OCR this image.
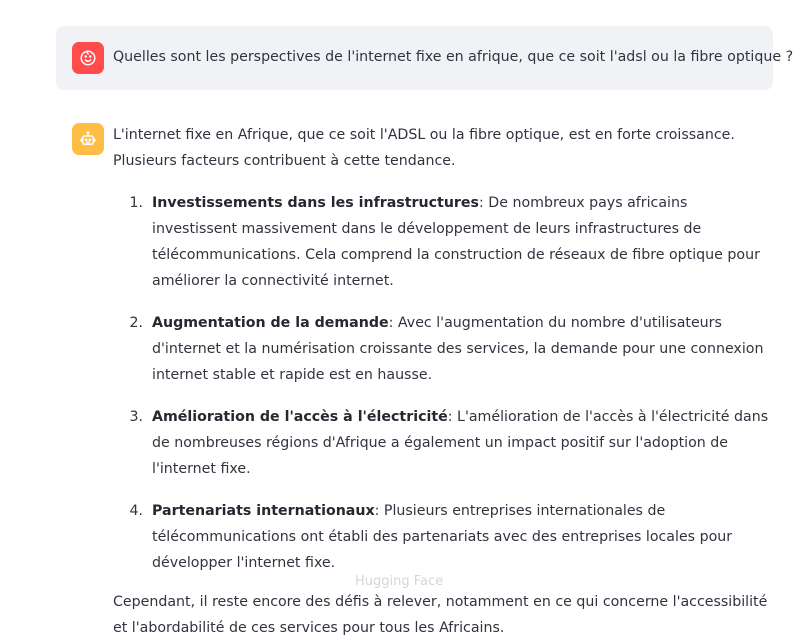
Quelles sont les perspectives de l'internet fixe en afrique, que ce soit l'adsl ou la fibre optique ?

L'internet fixe en Afrique, que ce soit l'ADSL ou la fibre optique, est en forte croissance. Plusieurs facteurs contribuent à cette tendance.

1. Investissements dans les infrastructures: De nombreux pays africains investissent massivement dans le développement de leurs infrastructures de télécommunications. Cela comprend la construction de réseaux de fibre optique pour améliorer la connectivité internet.
2. Augmentation de la demande: Avec l'augmentation du nombre d'utilisateurs d'internet et la numérisation croissante des services, la demande pour une connexion internet stable et rapide est en hausse.
3. Amélioration de l'accès à l'électricité: L'amélioration de l'accès à l'électricité dans de nombreuses régions d'Afrique a également un impact positif sur l'adoption de l'internet fixe.
4. Partenariats internationaux: Plusieurs entreprises internationales de télécommunications ont établi des partenariats avec des entreprises locales pour développer l'internet fixe.

Cependant, il reste encore des défis à relever, notamment en ce qui concerne l'accessibilité et l'abordabilité de ces services pour tous les Africains.

Hugging Face
